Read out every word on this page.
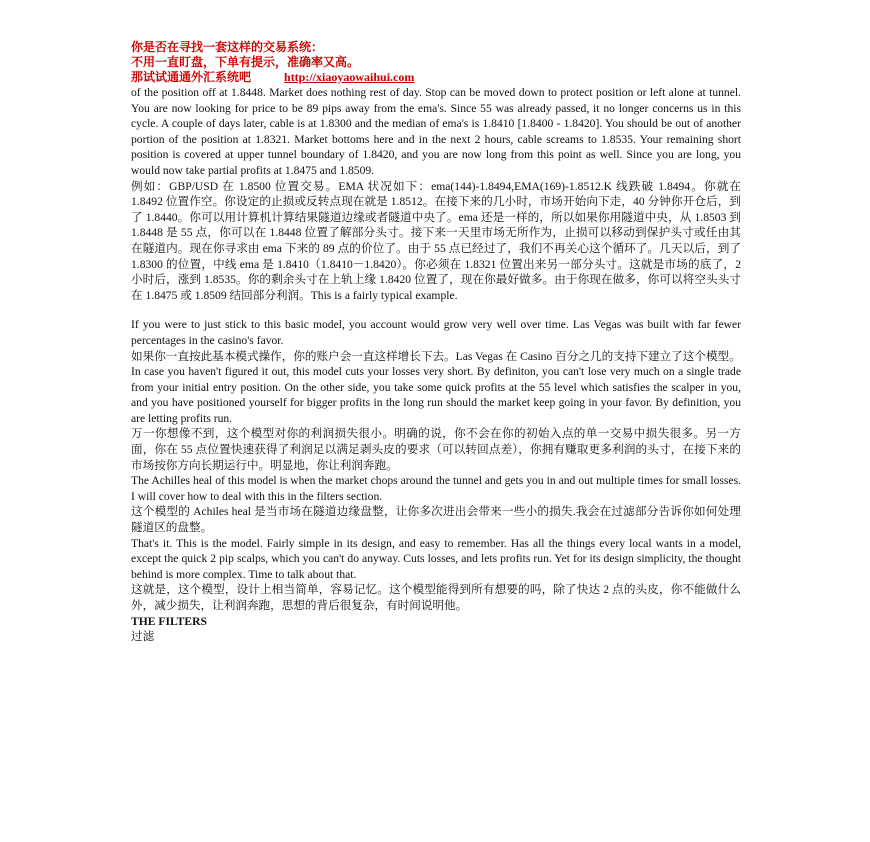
你是否在寻找一套这样的交易系统：
不用一直盯盘，下单有提示，准确率又高。
那试试通通外汇系统吧	http://xiaoyaowaihui.com

of the position off at 1.8448. Market does nothing rest of day. Stop can be moved down to protect position or left alone at tunnel. You are now looking for price to be 89 pips away from the ema's. Since 55 was already passed, it no longer concerns us in this cycle. A couple of days later, cable is at 1.8300 and the median of ema's is 1.8410 [1.8400 - 1.8420]. You should be out of another portion of the position at 1.8321. Market bottoms here and in the next 2 hours, cable screams to 1.8535. Your remaining short position is covered at upper tunnel boundary of 1.8420, and you are now long from this point as well. Since you are long, you would now take partial profits at 1.8475 and 1.8509.

例如：GBP/USD 在 1.8500 位置交易。EMA 状况如下：ema(144)-1.8494,EMA(169)-1.8512.K 线跌破 1.8494。你就在 1.8492 位置作空。你设定的止损或反转点现在就是 1.8512。在接下来的几小时，市场开始向下走，40 分钟你开仓后，到了 1.8440。你可以用计算机计算结果隧道边缘或者隧道中央了。ema 还是一样的，所以如果你用隧道中央，从 1.8503 到 1.8448 是 55 点，你可以在 1.8448 位置了解部分头寸。接下来一天里市场无所作为，止损可以移动到保护头寸或任由其在隧道内。现在你寻求由 ema 下来的 89 点的价位了。由于 55 点已经过了，我们不再关心这个循环了。几天以后，到了 1.8300 的位置，中线 ema 是 1.8410（1.8410－1.8420）。你必须在 1.8321 位置出来另一部分头寸。这就是市场的底了，2 小时后，涨到 1.8535。你的剩余头寸在上轨上缘 1.8420 位置了，现在你最好做多。由于你现在做多，你可以将空头头寸在 1.8475 或 1.8509 结回部分利润。This is a fairly typical example.

If you were to just stick to this basic model, you account would grow very well over time. Las Vegas was built with far fewer percentages in the casino's favor.

如果你一直按此基本模式操作，你的账户会一直这样增长下去。Las Vegas 在 Casino 百分之几的支持下建立了这个模型。

In case you haven't figured it out, this model cuts your losses very short. By definiton, you can't lose very much on a single trade from your initial entry position. On the other side, you take some quick profits at the 55 level which satisfies the scalper in you, and you have positioned yourself for bigger profits in the long run should the market keep going in your favor. By definition, you are letting profits run.

万一你想像不到，这个模型对你的利润损失很小。明确的说，你不会在你的初始入点的单一交易中损失很多。另一方面，你在 55 点位置快速获得了利润足以满足剥头皮的要求（可以转回点差），你拥有赚取更多利润的头寸，在接下来的市场按你方向长期运行中。明显地，你让利润奔跑。

The Achilles heal of this model is when the market chops around the tunnel and gets you in and out multiple times for small losses. I will cover how to deal with this in the filters section.

这个模型的 Achiles heal 是当市场在隧道边缘盘整，让你多次进出会带来一些小的损失.我会在过滤部分告诉你如何处理隧道区的盘整。

That's it. This is the model. Fairly simple in its design, and easy to remember. Has all the things every local wants in a model, except the quick 2 pip scalps, which you can't do anyway. Cuts losses, and lets profits run. Yet for its design simplicity, the thought behind is more complex. Time to talk about that.

这就是，这个模型，设计上相当简单，容易记忆。这个模型能得到所有想要的吗，除了快达 2 点的头皮，你不能做什么外，减少损失，让利润奔跑，思想的背后很复杂，有时间说明他。

THE FILTERS

过滤
